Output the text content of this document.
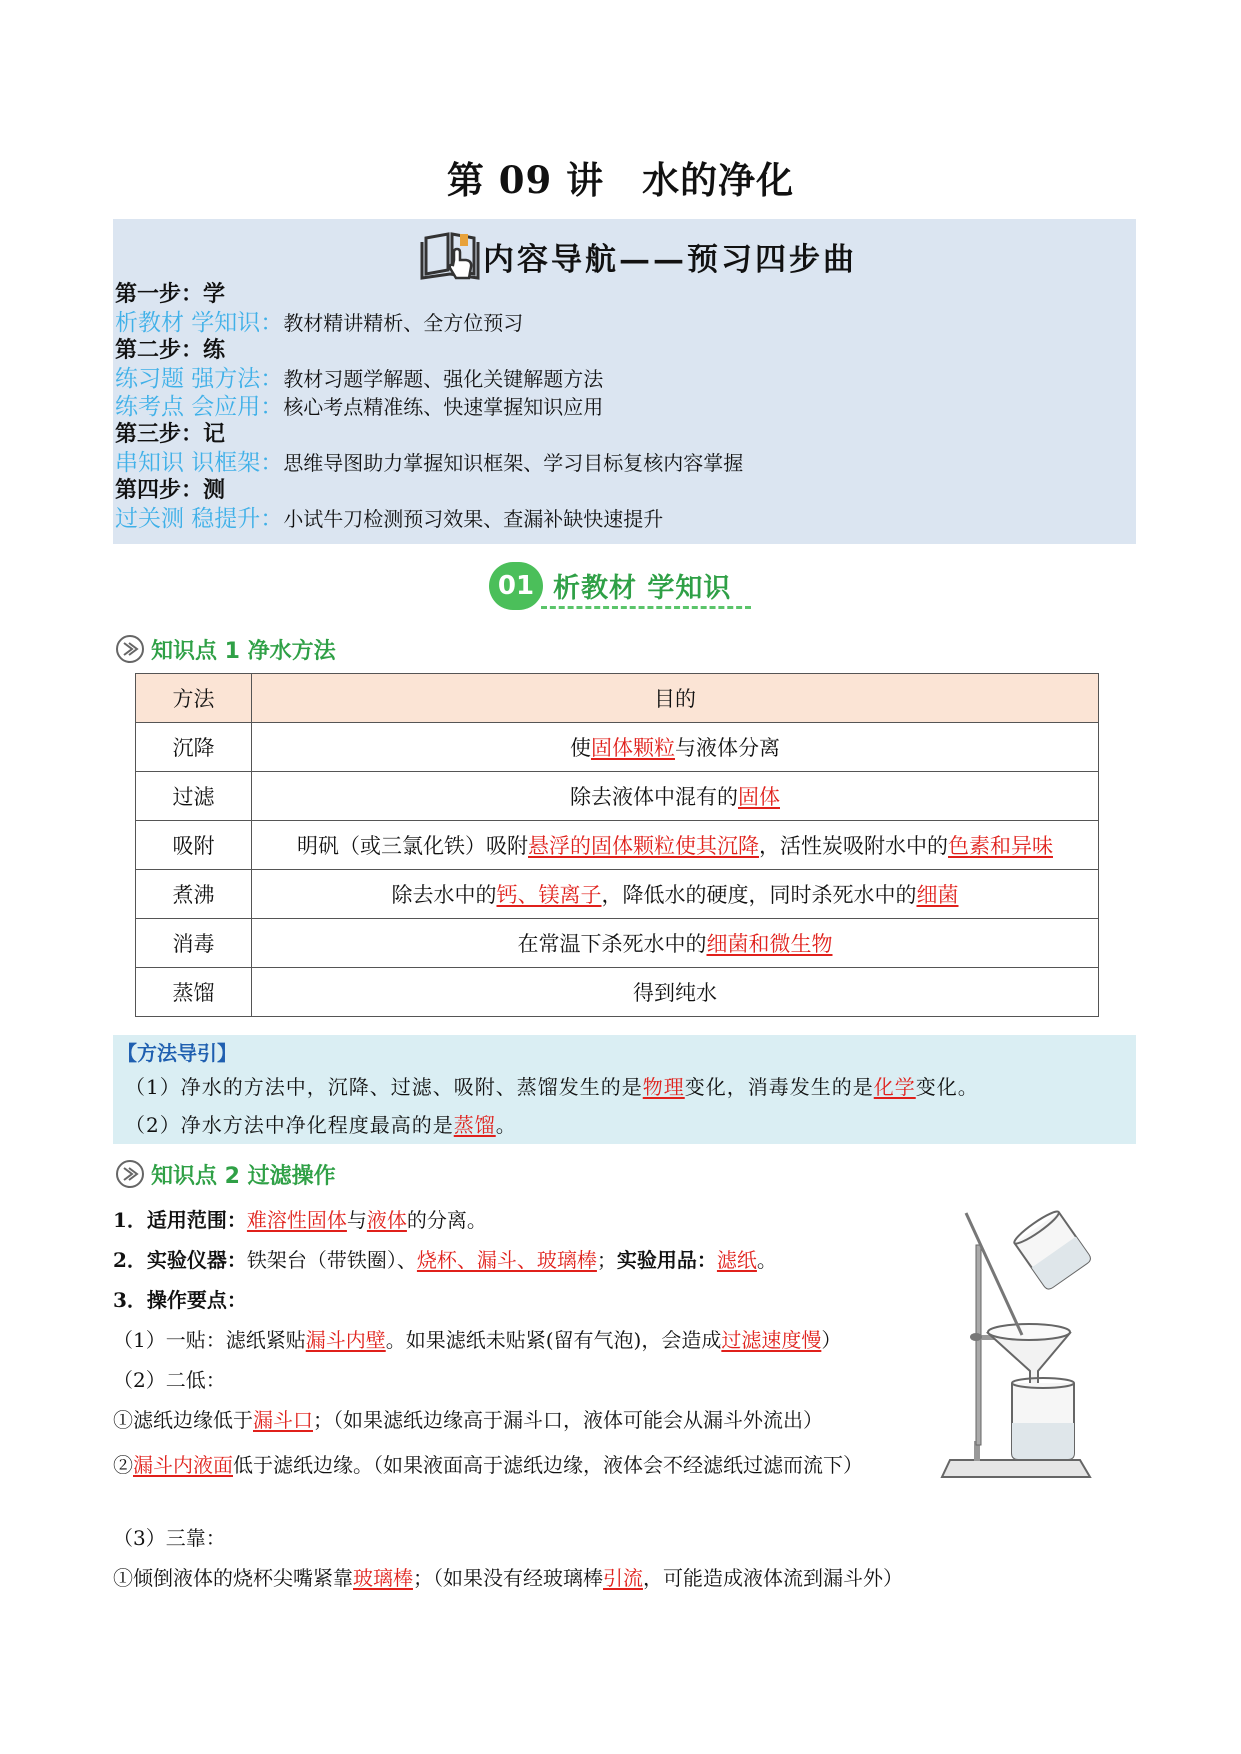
第 09 讲　水的净化
内容导航——预习四步曲
第一步：学
析教材 学知识：教材精讲精析、全方位预习
第二步：练
练习题 强方法：教材习题学解题、强化关键解题方法
练考点 会应用：核心考点精准练、快速掌握知识应用
第三步：记
串知识 识框架：思维导图助力掌握知识框架、学习目标复核内容掌握
第四步：测
过关测 稳提升：小试牛刀检测预习效果、查漏补缺快速提升
01 析教材 学知识
知识点 1 净水方法
方法	目的
沉降	使固体颗粒与液体分离
过滤	除去液体中混有的固体
吸附	明矾（或三氯化铁）吸附悬浮的固体颗粒使其沉降，活性炭吸附水中的色素和异味
煮沸	除去水中的钙、镁离子，降低水的硬度，同时杀死水中的细菌
消毒	在常温下杀死水中的细菌和微生物
蒸馏	得到纯水
【方法导引】
（1）净水的方法中，沉降、过滤、吸附、蒸馏发生的是物理变化，消毒发生的是化学变化。
（2）净水方法中净化程度最高的是蒸馏。
知识点 2 过滤操作
1．适用范围：难溶性固体与液体的分离。
2．实验仪器：铁架台（带铁圈）、烧杯、漏斗、玻璃棒；实验用品：滤纸。
3．操作要点：
（1）一贴：滤纸紧贴漏斗内壁。如果滤纸未贴紧(留有气泡)，会造成过滤速度慢）
（2）二低：
①滤纸边缘低于漏斗口；（如果滤纸边缘高于漏斗口，液体可能会从漏斗外流出）
②漏斗内液面低于滤纸边缘。（如果液面高于滤纸边缘，液体会不经滤纸过滤而流下）
（3）三靠：
①倾倒液体的烧杯尖嘴紧靠玻璃棒；（如果没有经玻璃棒引流，可能造成液体流到漏斗外）
